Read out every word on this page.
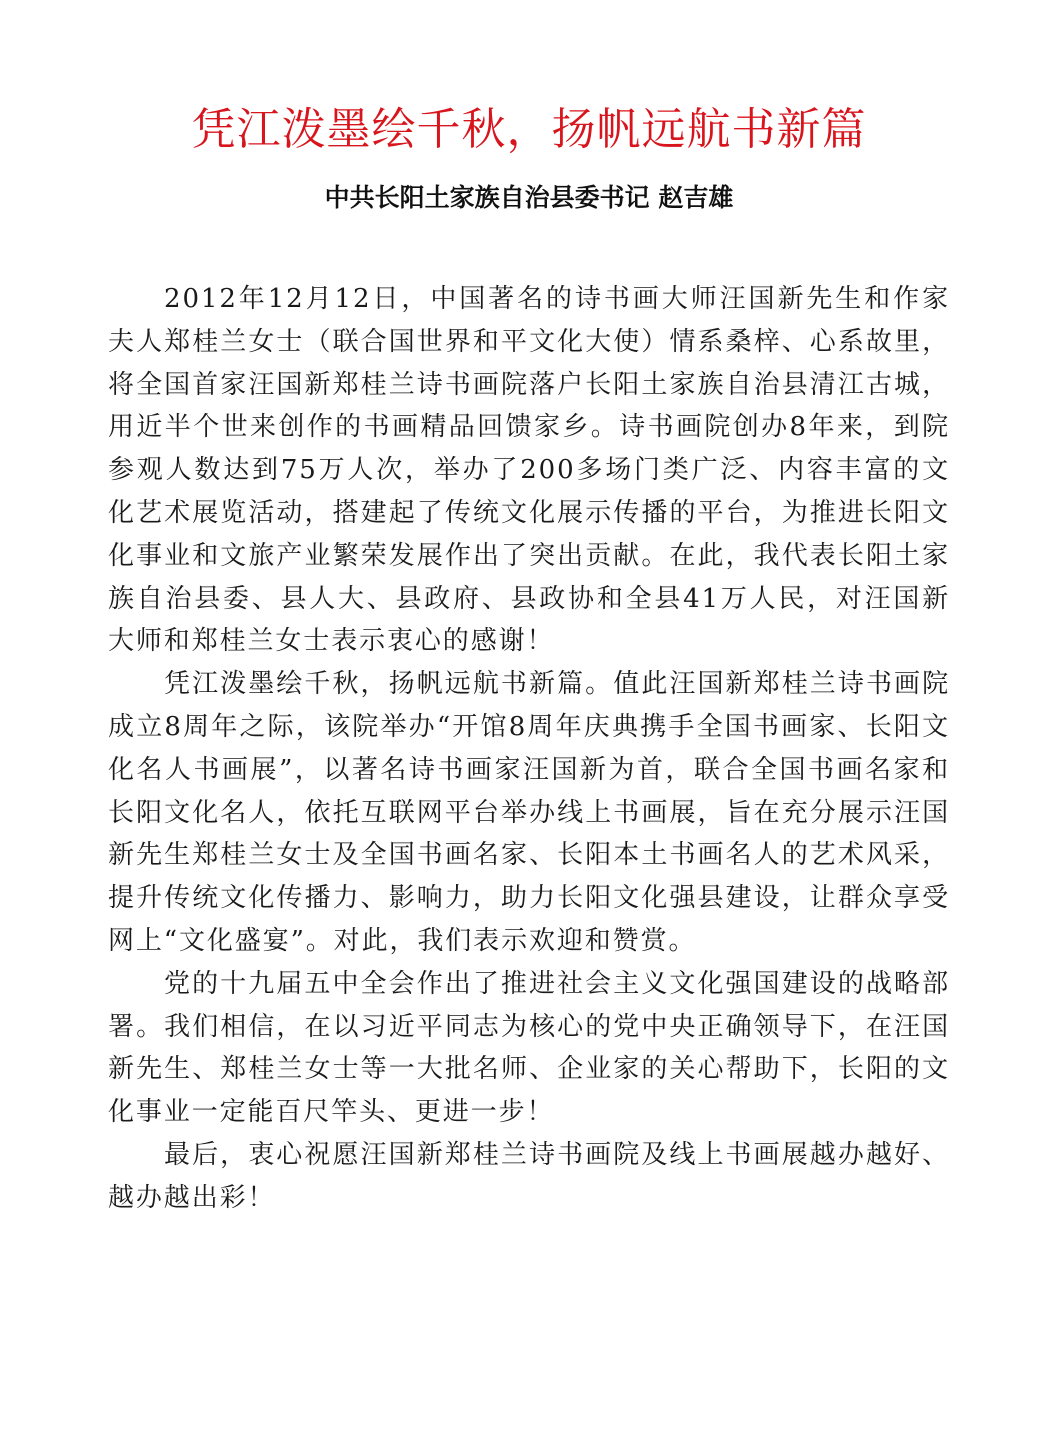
凭江泼墨绘千秋，扬帆远航书新篇
中共长阳土家族自治县委书记 赵吉雄

2012年12月12日，中国著名的诗书画大师汪国新先生和作家夫人郑桂兰女士（联合国世界和平文化大使）情系桑梓、心系故里，将全国首家汪国新郑桂兰诗书画院落户长阳土家族自治县清江古城，用近半个世来创作的书画精品回馈家乡。诗书画院创办8年来，到院参观人数达到75万人次，举办了200多场门类广泛、内容丰富的文化艺术展览活动，搭建起了传统文化展示传播的平台，为推进长阳文化事业和文旅产业繁荣发展作出了突出贡献。在此，我代表长阳土家族自治县委、县人大、县政府、县政协和全县41万人民，对汪国新大师和郑桂兰女士表示衷心的感谢！

凭江泼墨绘千秋，扬帆远航书新篇。值此汪国新郑桂兰诗书画院成立8周年之际，该院举办“开馆8周年庆典携手全国书画家、长阳文化名人书画展”，以著名诗书画家汪国新为首，联合全国书画名家和长阳文化名人，依托互联网平台举办线上书画展，旨在充分展示汪国新先生郑桂兰女士及全国书画名家、长阳本土书画名人的艺术风采，提升传统文化传播力、影响力，助力长阳文化强县建设，让群众享受网上“文化盛宴”。对此，我们表示欢迎和赞赏。

党的十九届五中全会作出了推进社会主义文化强国建设的战略部署。我们相信，在以习近平同志为核心的党中央正确领导下，在汪国新先生、郑桂兰女士等一大批名师、企业家的关心帮助下，长阳的文化事业一定能百尺竿头、更进一步！

最后，衷心祝愿汪国新郑桂兰诗书画院及线上书画展越办越好、越办越出彩！
